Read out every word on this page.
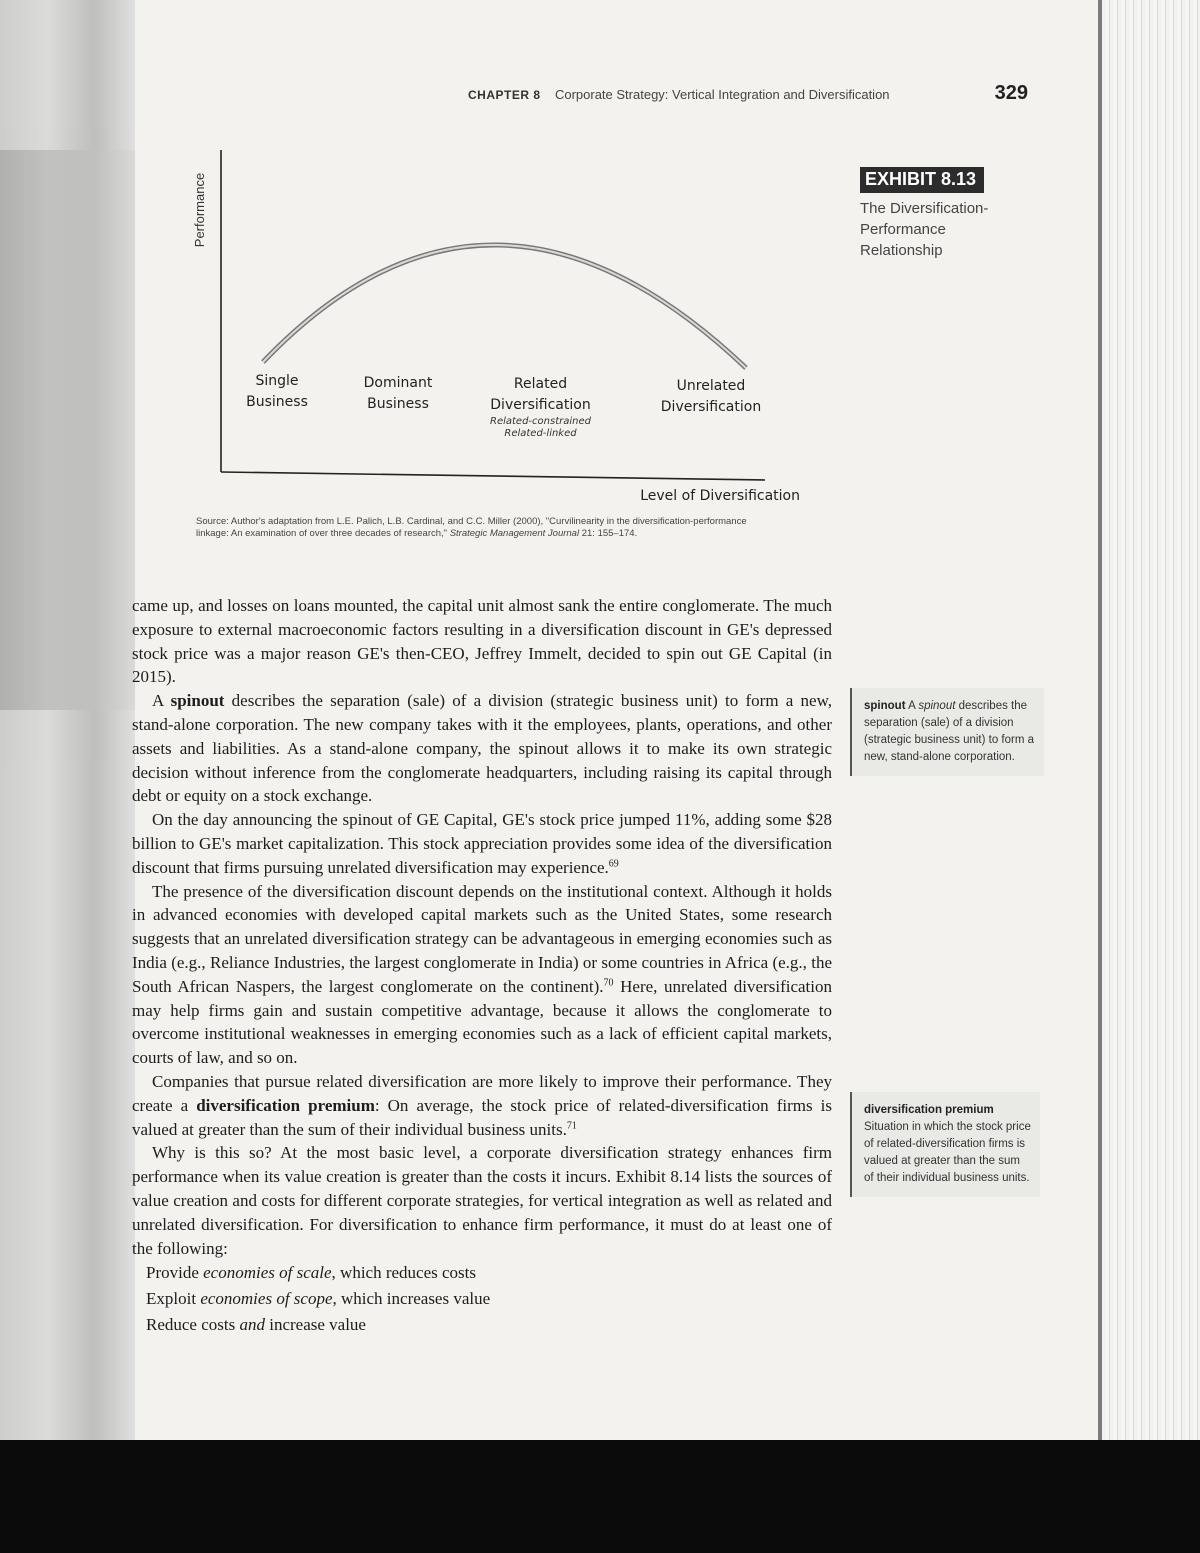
CHAPTER 8 Corporate Strategy: Vertical Integration and Diversification	329
Performance
Single
Business
Dominant
Business
Related
Diversification
Related-constrained
Related-linked
Unrelated
Diversification
Level of Diversification
Source: Author's adaptation from L.E. Palich, L.B. Cardinal, and C.C. Miller (2000), "Curvilinearity in the diversification-performance linkage: An examination of over three decades of research," Strategic Management Journal 21: 155–174.
EXHIBIT 8.13
The Diversification-Performance Relationship

came up, and losses on loans mounted, the capital unit almost sank the entire conglomerate. The much exposure to external macroeconomic factors resulting in a diversification discount in GE's depressed stock price was a major reason GE's then-CEO, Jeffrey Immelt, decided to spin out GE Capital (in 2015).

A spinout describes the separation (sale) of a division (strategic business unit) to form a new, stand-alone corporation. The new company takes with it the employees, plants, operations, and other assets and liabilities. As a stand-alone company, the spinout allows it to make its own strategic decision without inference from the conglomerate headquarters, including raising its capital through debt or equity on a stock exchange.

On the day announcing the spinout of GE Capital, GE's stock price jumped 11%, adding some $28 billion to GE's market capitalization. This stock appreciation provides some idea of the diversification discount that firms pursuing unrelated diversification may experience.$^{69}$

The presence of the diversification discount depends on the institutional context. Although it holds in advanced economies with developed capital markets such as the United States, some research suggests that an unrelated diversification strategy can be advantageous in emerging economies such as India (e.g., Reliance Industries, the largest conglomerate in India) or some countries in Africa (e.g., the South African Naspers, the largest conglomerate on the continent).$^{70}$ Here, unrelated diversification may help firms gain and sustain competitive advantage, because it allows the conglomerate to overcome institutional weaknesses in emerging economies such as a lack of efficient capital markets, courts of law, and so on.

Companies that pursue related diversification are more likely to improve their performance. They create a diversification premium: On average, the stock price of related-diversification firms is valued at greater than the sum of their individual business units.$^{71}$

Why is this so? At the most basic level, a corporate diversification strategy enhances firm performance when its value creation is greater than the costs it incurs. Exhibit 8.14 lists the sources of value creation and costs for different corporate strategies, for vertical integration as well as related and unrelated diversification. For diversification to enhance firm performance, it must do at least one of the following:

Provide economies of scale, which reduces costs
Exploit economies of scope, which increases value
Reduce costs and increase value
spinout A spinout describes the separation (sale) of a division (strategic business unit) to form a new, stand-alone corporation.
diversification premium Situation in which the stock price of related-diversification firms is valued at greater than the sum of their individual business units.
